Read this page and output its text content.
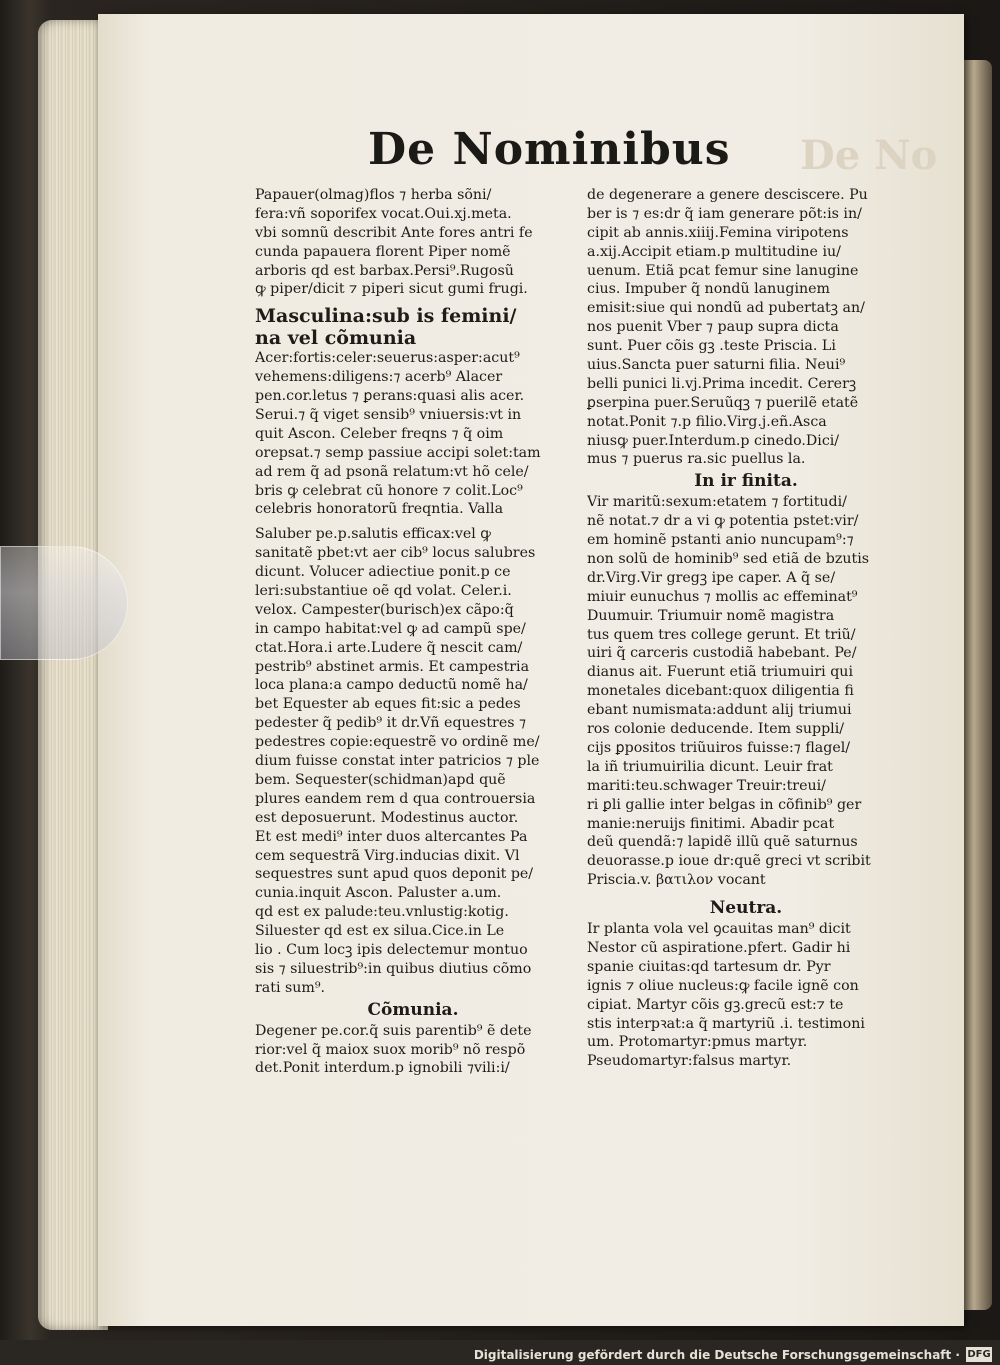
De No
De Nominibus
Papauer(olmag)flos ⁊ herba sõni/
fera:vñ soporifex vocat.Oui.xj.meta.
vbi somnũ describit Ante fores antri fe
cunda papauera florent Piper nomẽ
arboris qd est barbax.Persi⁹.Rugosũ
ꝙ piper/dicit ⁊ piperi sicut gumi frugi.
Masculina:sub is femini/
na vel cõmunia
Acer:fortis:celer:seuerus:asper:acut⁹
vehemens:diligens:⁊ acerb⁹ Alacer
pen.cor.letus ⁊ ꝑerans:quasi alis acer.
Serui.⁊ q̃ viget sensib⁹ vniuersis:vt in
quit Ascon. Celeber freqns ⁊ q̃ oim
orepsat.⁊ semp passiue accipi solet:tam
ad rem q̃ ad psonã relatum:vt hõ cele/
bris ꝙ celebrat cũ honore ⁊ colit.Loc⁹
celebris honoratorũ freqntia. Valla
Saluber pe.p.salutis efficax:vel ꝙ
sanitatẽ pbet:vt aer cib⁹ locus salubres
dicunt. Volucer adiectiue ponit.p ce
leri:substantiue oẽ qd volat. Celer.i.
velox. Campester(burisch)ex cãpo:q̃
in campo habitat:vel ꝙ ad campũ spe/
ctat.Hora.i arte.Ludere q̃ nescit cam/
pestrib⁹ abstinet armis. Et campestria
loca plana:a campo deductũ nomẽ ha/
bet Equester ab eques fit:sic a pedes
pedester q̃ pedib⁹ it dr.Vñ equestres ⁊
pedestres copie:equestrẽ vo ordinẽ me/
dium fuisse constat inter patricios ⁊ ple
bem. Sequester(schidman)apd quẽ
plures eandem rem d qua controuersia
est deposuerunt. Modestinus auctor.
Et est medi⁹ inter duos altercantes Pa
cem sequestrã Virg.inducias dixit. Vl
sequestres sunt apud quos deponit pe/
cunia.inquit Ascon. Paluster a.um.
qd est ex palude:teu.vnlustig:kotig.
Siluester qd est ex silua.Cice.in Le
lio . Cum locꝫ ipis delectemur montuo
sis ⁊ siluestrib⁹:in quibus diutius cõmo
rati sum⁹.
Cõmunia.
Degener pe.cor.q̃ suis parentib⁹ ẽ dete
rior:vel q̃ maiox suox morib⁹ nõ respõ
det.Ponit interdum.p ignobili ⁊vili:i/
de degenerare a genere desciscere. Pu
ber is ⁊ es:dr q̃ iam generare põt:is in/
cipit ab annis.xiiij.Femina viripotens
a.xij.Accipit etiam.p multitudine iu/
uenum. Etiã pcat femur sine lanugine
cius. Impuber q̃ nondũ lanuginem
emisit:siue qui nondũ ad pubertatꝫ an/
nos puenit Vber ⁊ paup supra dicta
sunt. Puer cõis gꝫ .teste Priscia. Li
uius.Sancta puer saturni filia. Neui⁹
belli punici li.vj.Prima incedit. Cererꝫ
ꝑserpina puer.Seruũqꝫ ⁊ puerilẽ etatẽ
notat.Ponit ⁊.p filio.Virg.j.eñ.Asca
niusꝙ puer.Interdum.p cinedo.Dici/
mus ⁊ puerus ra.sic puellus la.
In ir finita.
Vir maritũ:sexum:etatem ⁊ fortitudi/
nẽ notat.⁊ dr a vi ꝙ potentia pstet:vir/
em hominẽ pstanti anio nuncupam⁹:⁊
non solũ de hominib⁹ sed etiã de bzutis
dr.Virg.Vir gregꝫ ipe caper. A q̃ se/
miuir eunuchus ⁊ mollis ac effeminat⁹
Duumuir. Triumuir nomẽ magistra
tus quem tres college gerunt. Et triũ/
uiri q̃ carceris custodiã habebant. Pe/
dianus ait. Fuerunt etiã triumuiri qui
monetales dicebant:quox diligentia fi
ebant numismata:addunt alij triumui
ros colonie deducende. Item suppli/
cijs ꝑpositos triũuiros fuisse:⁊ flagel/
la iñ triumuirilia dicunt. Leuir frat
mariti:teu.schwager Treuir:treui/
ri ꝑli gallie inter belgas in cõfinib⁹ ger
manie:neruijs finitimi. Abadir pcat
deũ quendã:⁊ lapidẽ illũ quẽ saturnus
deuorasse.p ioue dr:quẽ greci vt scribit
Priscia.v. βατιλον vocant
Neutra.
Ir planta vola vel ꝯcauitas man⁹ dicit
Nestor cũ aspiratione.pfert. Gadir hi
spanie ciuitas:qd tartesum dr. Pyr
ignis ⁊ oliue nucleus:ꝙ facile ignẽ con
cipiat. Martyr cõis gꝫ.grecũ est:⁊ te
stis interpꝛat:a q̃ martyriũ .i. testimoni
um. Protomartyr:pmus martyr.
Pseudomartyr:falsus martyr.
Digitalisierung gefördert durch die Deutsche Forschungsgemeinschaft · DFG
